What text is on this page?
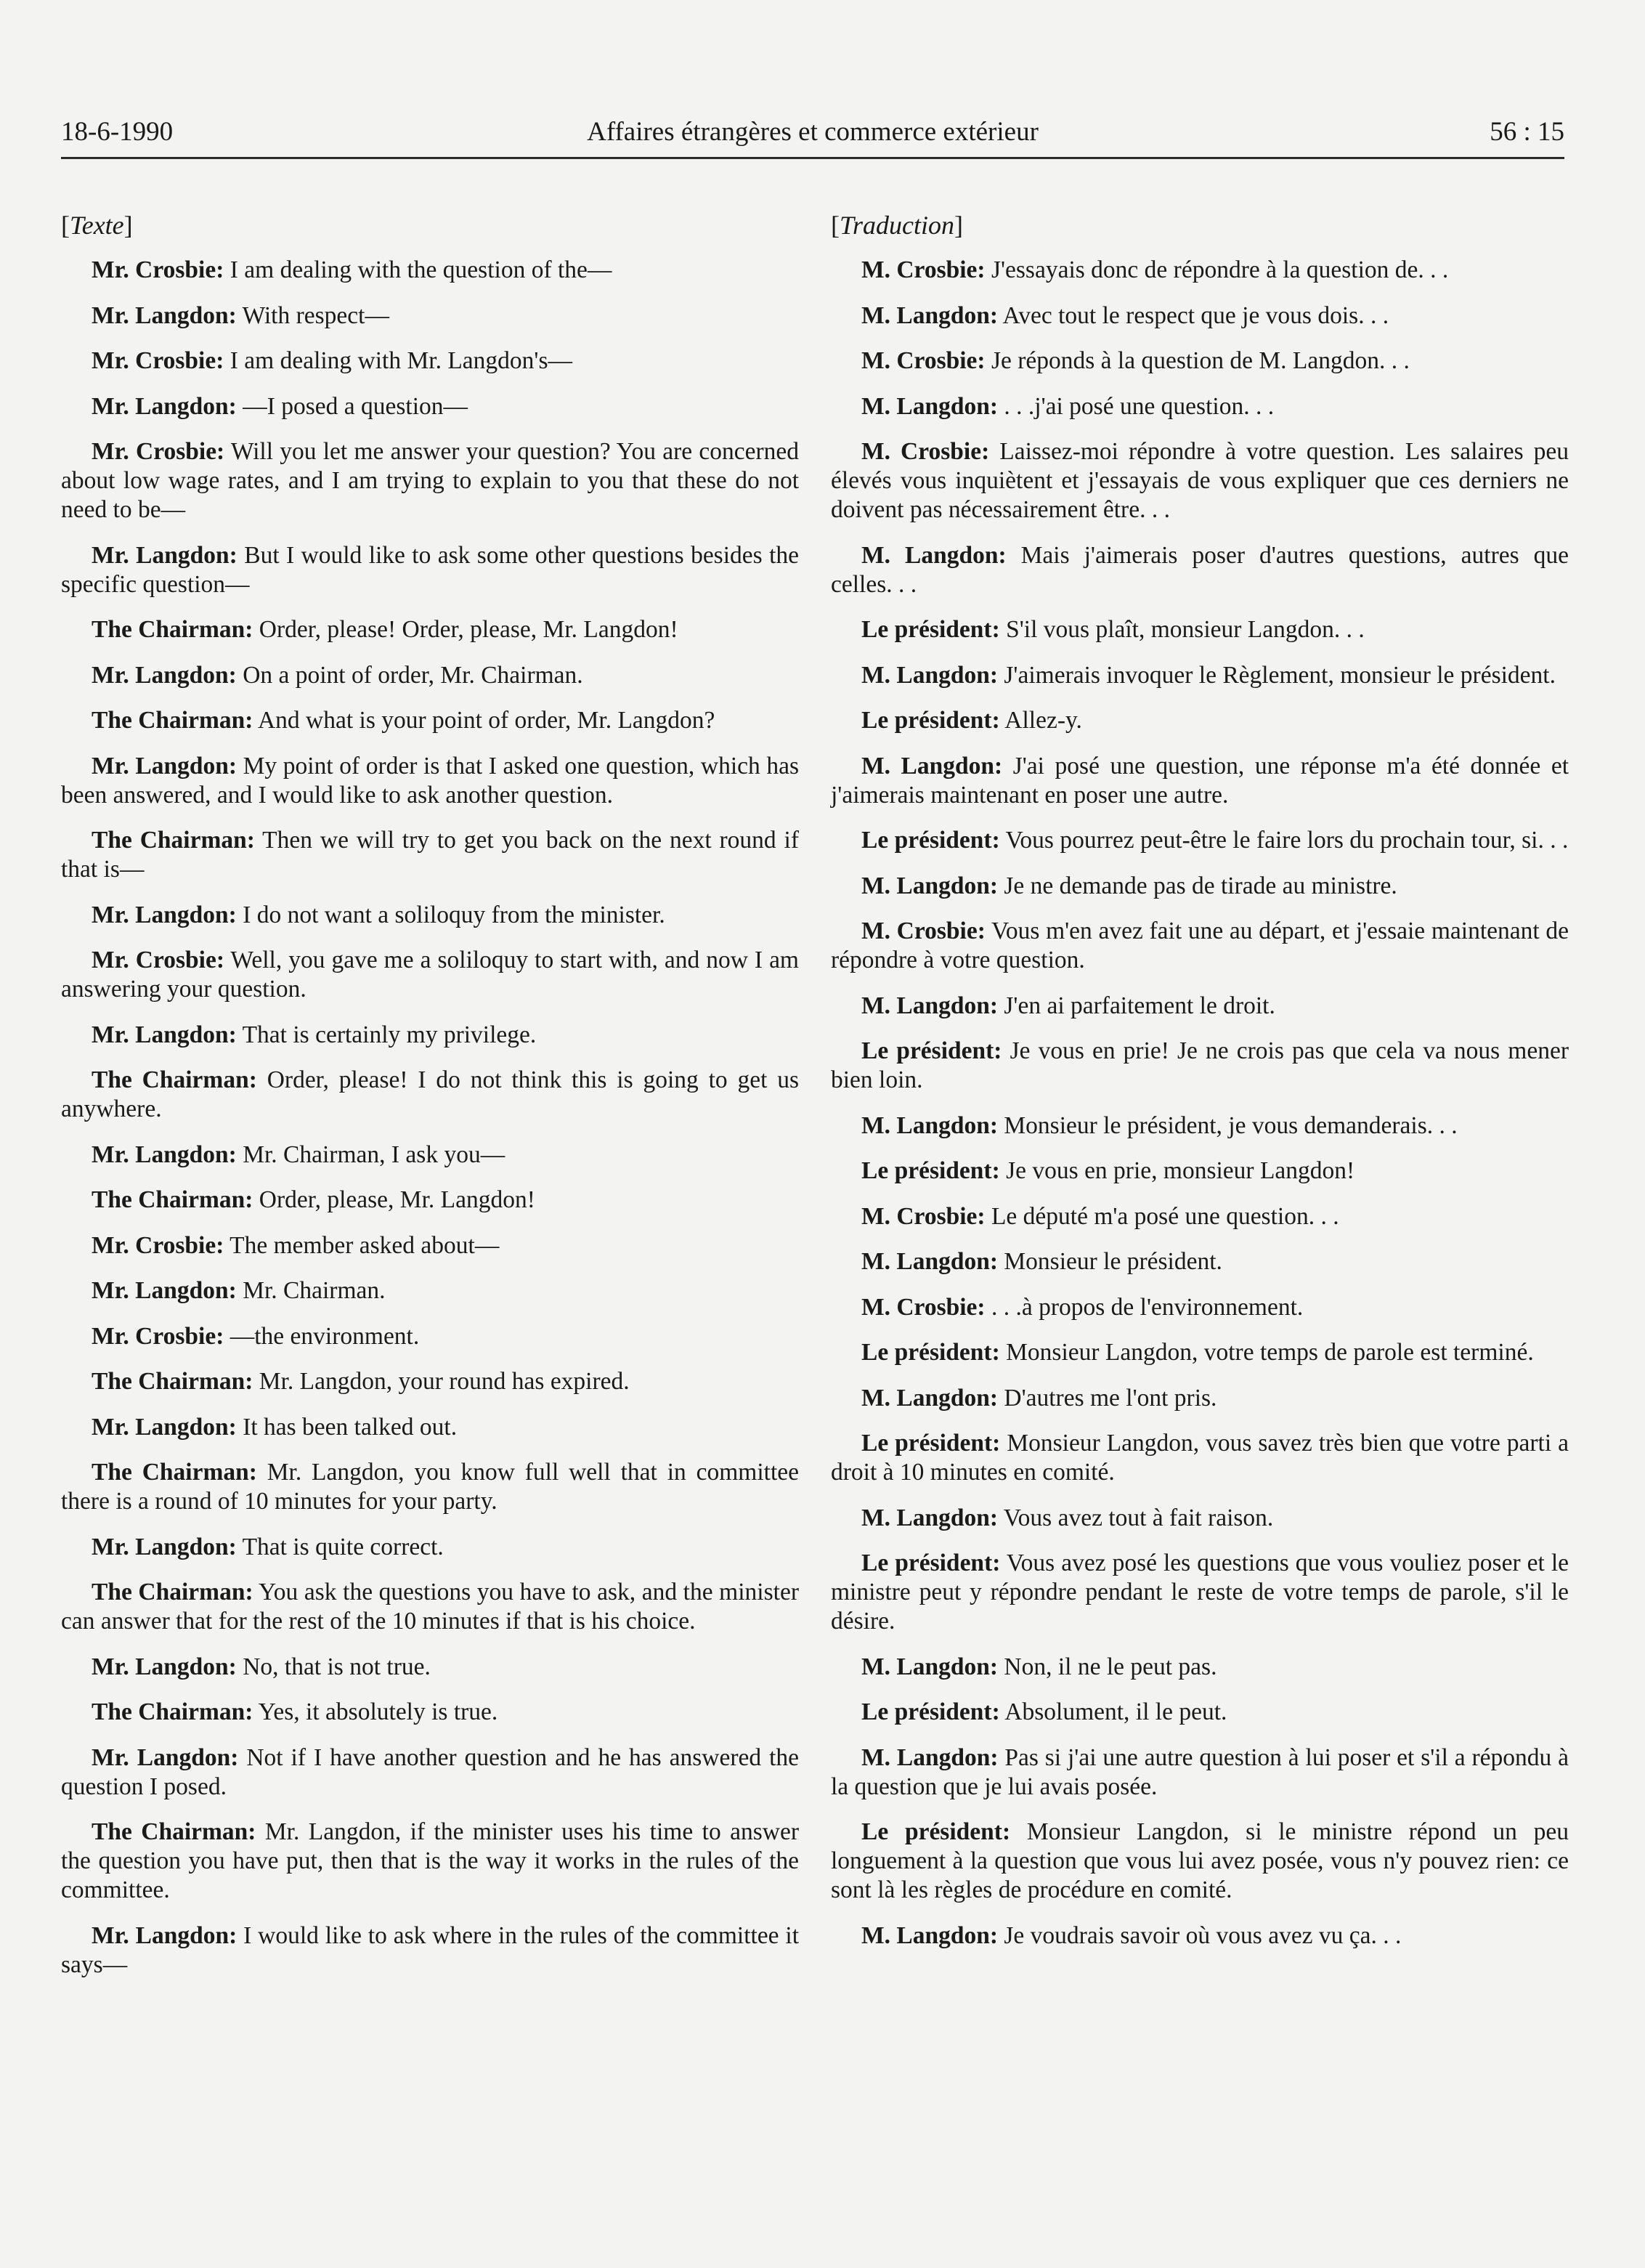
18-6-1990	Affaires étrangères et commerce extérieur	56 : 15
[Texte]

Mr. Crosbie: I am dealing with the question of the—

Mr. Langdon: With respect—

Mr. Crosbie: I am dealing with Mr. Langdon's—

Mr. Langdon: —I posed a question—

Mr. Crosbie: Will you let me answer your question? You are concerned about low wage rates, and I am trying to explain to you that these do not need to be—

Mr. Langdon: But I would like to ask some other questions besides the specific question—

The Chairman: Order, please! Order, please, Mr. Langdon!

Mr. Langdon: On a point of order, Mr. Chairman.

The Chairman: And what is your point of order, Mr. Langdon?

Mr. Langdon: My point of order is that I asked one question, which has been answered, and I would like to ask another question.

The Chairman: Then we will try to get you back on the next round if that is—

Mr. Langdon: I do not want a soliloquy from the minister.

Mr. Crosbie: Well, you gave me a soliloquy to start with, and now I am answering your question.

Mr. Langdon: That is certainly my privilege.

The Chairman: Order, please! I do not think this is going to get us anywhere.

Mr. Langdon: Mr. Chairman, I ask you—

The Chairman: Order, please, Mr. Langdon!

Mr. Crosbie: The member asked about—

Mr. Langdon: Mr. Chairman.

Mr. Crosbie: —the environment.

The Chairman: Mr. Langdon, your round has expired.

Mr. Langdon: It has been talked out.

The Chairman: Mr. Langdon, you know full well that in committee there is a round of 10 minutes for your party.

Mr. Langdon: That is quite correct.

The Chairman: You ask the questions you have to ask, and the minister can answer that for the rest of the 10 minutes if that is his choice.

Mr. Langdon: No, that is not true.

The Chairman: Yes, it absolutely is true.

Mr. Langdon: Not if I have another question and he has answered the question I posed.

The Chairman: Mr. Langdon, if the minister uses his time to answer the question you have put, then that is the way it works in the rules of the committee.

Mr. Langdon: I would like to ask where in the rules of the committee it says—

[Traduction]

M. Crosbie: J'essayais donc de répondre à la question de. . .

M. Langdon: Avec tout le respect que je vous dois. . .

M. Crosbie: Je réponds à la question de M. Langdon. . .

M. Langdon: . . .j'ai posé une question. . .

M. Crosbie: Laissez-moi répondre à votre question. Les salaires peu élevés vous inquiètent et j'essayais de vous expliquer que ces derniers ne doivent pas nécessairement être. . .

M. Langdon: Mais j'aimerais poser d'autres questions, autres que celles. . .

Le président: S'il vous plaît, monsieur Langdon. . .

M. Langdon: J'aimerais invoquer le Règlement, monsieur le président.

Le président: Allez-y.

M. Langdon: J'ai posé une question, une réponse m'a été donnée et j'aimerais maintenant en poser une autre.

Le président: Vous pourrez peut-être le faire lors du prochain tour, si. . .

M. Langdon: Je ne demande pas de tirade au ministre.

M. Crosbie: Vous m'en avez fait une au départ, et j'essaie maintenant de répondre à votre question.

M. Langdon: J'en ai parfaitement le droit.

Le président: Je vous en prie! Je ne crois pas que cela va nous mener bien loin.

M. Langdon: Monsieur le président, je vous demanderais. . .

Le président: Je vous en prie, monsieur Langdon!

M. Crosbie: Le député m'a posé une question. . .

M. Langdon: Monsieur le président.

M. Crosbie: . . .à propos de l'environnement.

Le président: Monsieur Langdon, votre temps de parole est terminé.

M. Langdon: D'autres me l'ont pris.

Le président: Monsieur Langdon, vous savez très bien que votre parti a droit à 10 minutes en comité.

M. Langdon: Vous avez tout à fait raison.

Le président: Vous avez posé les questions que vous vouliez poser et le ministre peut y répondre pendant le reste de votre temps de parole, s'il le désire.

M. Langdon: Non, il ne le peut pas.

Le président: Absolument, il le peut.

M. Langdon: Pas si j'ai une autre question à lui poser et s'il a répondu à la question que je lui avais posée.

Le président: Monsieur Langdon, si le ministre répond un peu longuement à la question que vous lui avez posée, vous n'y pouvez rien: ce sont là les règles de procédure en comité.

M. Langdon: Je voudrais savoir où vous avez vu ça. . .
